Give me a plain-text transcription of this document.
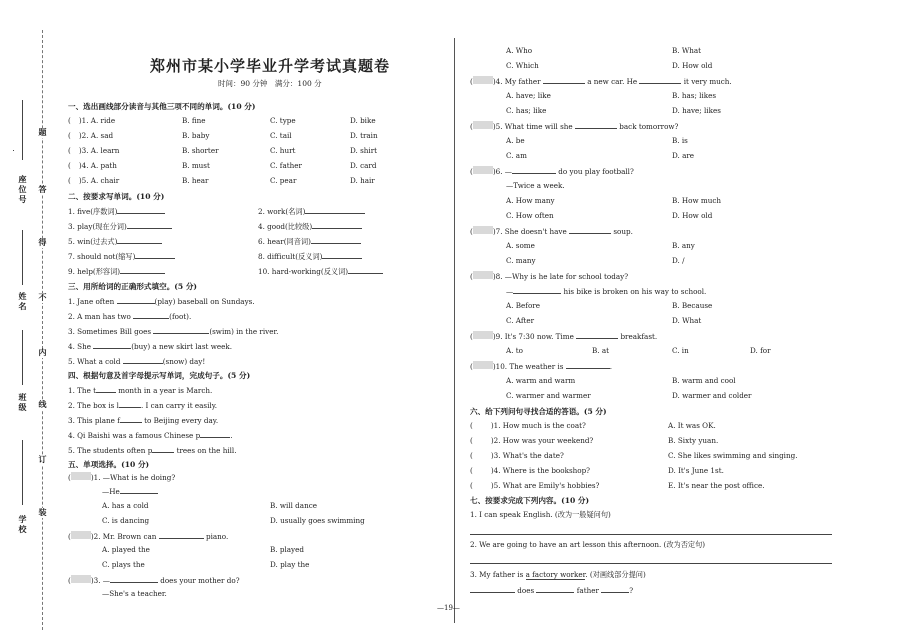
座位号
姓名
班级
学校
题
答
得
不
内
线
订
装
郑州市某小学毕业升学考试真题卷
时间：90 分钟　满分：100 分
一、选出画线部分读音与其他三项不同的单词。(10 分)
( )1. A. ride	B. fine	C. type	D. bike
( )2. A. sad	B. baby	C. tail	D. train
( )3. A. learn	B. shorter	C. hurt	D. shirt
( )4. A. path	B. must	C. father	D. card
( )5. A. chair	B. hear	C. pear	D. hair
二、按要求写单词。(10 分)
1. five(序数词)	2. work(名词)
3. play(现在分词)	4. good(比较级)
5. win(过去式)	6. hear(同音词)
7. should not(缩写)	8. difficult(反义词)
9. help(形容词)	10. hard-working(反义词)
三、用所给词的正确形式填空。(5 分)
1. Jane often	(play) baseball on Sundays.
2. A man has two	(foot).
3. Sometimes Bill goes	(swim) in the river.
4. She	(buy) a new skirt last week.
5. What a cold	(snow) day!
四、根据句意及首字母提示写单词，完成句子。(5 分)
1. The t	month in a year is March.
2. The box is l	. I can carry it easily.
3. This plane f	to Beijing every day.
4. Qi Baishi was a famous Chinese p	.
5. The students often p	trees on the hill.
五、单项选择。(10 分)
(	)1. —What is he doing?
—He
A. has a cold	B. will dance
C. is dancing	D. usually goes swimming
(	)2. Mr. Brown can	piano.
A. played the	B. played
C. plays the	D. play the
(	)3. —	does your mother do?
—She's a teacher.
A. Who	B. What
C. Which	D. How old
(	)4. My father	a new car. He	it very much.
A. have; like	B. has; likes
C. has; like	D. have; likes
(	)5. What time will she	back tomorrow?
A. be	B. is
C. am	D. are
(	)6. —	do you play football?
—Twice a week.
A. How many	B. How much
C. How often	D. How old
(	)7. She doesn't have	soup.
A. some	B. any
C. many	D. /
(	)8. —Why is he late for school today?
—	his bike is broken on his way to school.
A. Before	B. Because
C. After	D. What
(	)9. It's 7:30 now. Time	breakfast.
A. to	B. at	C. in	D. for
(	)10. The weather is	.
A. warm and warm	B. warm and cool
C. warmer and warmer	D. warmer and colder
六、给下列问句寻找合适的答语。(5 分)
(	)1. How much is the coat?	A. It was OK.
(	)2. How was your weekend?	B. Sixty yuan.
(	)3. What's the date?	C. She likes swimming and singing.
(	)4. Where is the bookshop?	D. It's June 1st.
(	)5. What are Emily's hobbies?	E. It's near the post office.
七、按要求完成下列内容。(10 分)
1. I can speak English. (改为一般疑问句)
2. We are going to have an art lesson this afternoon. (改为否定句)
3. My father is a factory worker. (对画线部分提问)
does	father	?
—19—
